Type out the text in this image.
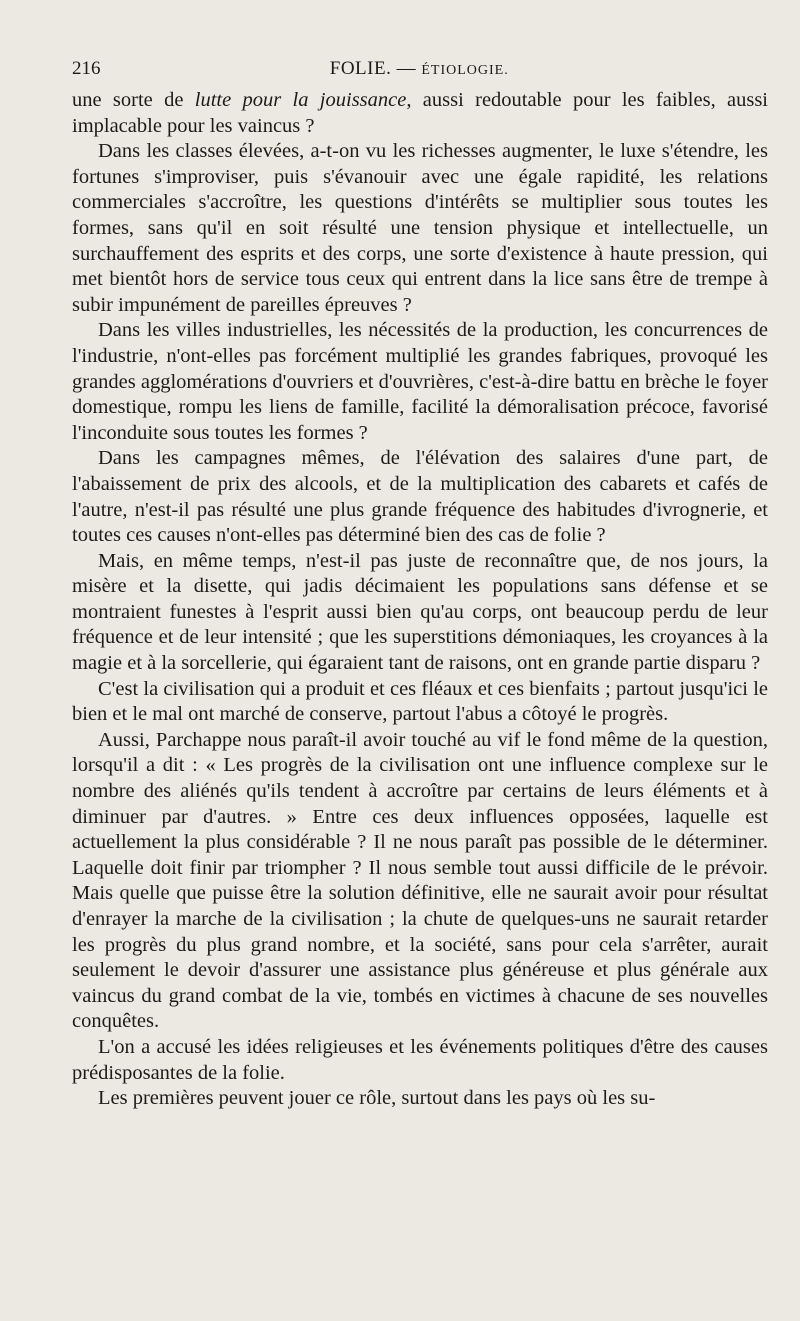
216	FOLIE. — ÉTIOLOGIE.

une sorte de lutte pour la jouissance, aussi redoutable pour les faibles, aussi implacable pour les vaincus ?

Dans les classes élevées, a-t-on vu les richesses augmenter, le luxe s'étendre, les fortunes s'improviser, puis s'évanouir avec une égale rapidité, les relations commerciales s'accroître, les questions d'intérêts se multiplier sous toutes les formes, sans qu'il en soit résulté une tension physique et intellectuelle, un surchauffement des esprits et des corps, une sorte d'existence à haute pression, qui met bientôt hors de service tous ceux qui entrent dans la lice sans être de trempe à subir impunément de pareilles épreuves ?

Dans les villes industrielles, les nécessités de la production, les concurrences de l'industrie, n'ont-elles pas forcément multiplié les grandes fabriques, provoqué les grandes agglomérations d'ouvriers et d'ouvrières, c'est-à-dire battu en brèche le foyer domestique, rompu les liens de famille, facilité la démoralisation précoce, favorisé l'inconduite sous toutes les formes ?

Dans les campagnes mêmes, de l'élévation des salaires d'une part, de l'abaissement de prix des alcools, et de la multiplication des cabarets et cafés de l'autre, n'est-il pas résulté une plus grande fréquence des habitudes d'ivrognerie, et toutes ces causes n'ont-elles pas déterminé bien des cas de folie ?

Mais, en même temps, n'est-il pas juste de reconnaître que, de nos jours, la misère et la disette, qui jadis décimaient les populations sans défense et se montraient funestes à l'esprit aussi bien qu'au corps, ont beaucoup perdu de leur fréquence et de leur intensité ; que les superstitions démoniaques, les croyances à la magie et à la sorcellerie, qui égaraient tant de raisons, ont en grande partie disparu ?

C'est la civilisation qui a produit et ces fléaux et ces bienfaits ; partout jusqu'ici le bien et le mal ont marché de conserve, partout l'abus a côtoyé le progrès.

Aussi, Parchappe nous paraît-il avoir touché au vif le fond même de la question, lorsqu'il a dit : « Les progrès de la civilisation ont une influence complexe sur le nombre des aliénés qu'ils tendent à accroître par certains de leurs éléments et à diminuer par d'autres. » Entre ces deux influences opposées, laquelle est actuellement la plus considérable ? Il ne nous paraît pas possible de le déterminer. Laquelle doit finir par triompher ? Il nous semble tout aussi difficile de le prévoir. Mais quelle que puisse être la solution définitive, elle ne saurait avoir pour résultat d'enrayer la marche de la civilisation ; la chute de quelques-uns ne saurait retarder les progrès du plus grand nombre, et la société, sans pour cela s'arrêter, aurait seulement le devoir d'assurer une assistance plus généreuse et plus générale aux vaincus du grand combat de la vie, tombés en victimes à chacune de ses nouvelles conquêtes.

L'on a accusé les idées religieuses et les événements politiques d'être des causes prédisposantes de la folie.

Les premières peuvent jouer ce rôle, surtout dans les pays où les su-
